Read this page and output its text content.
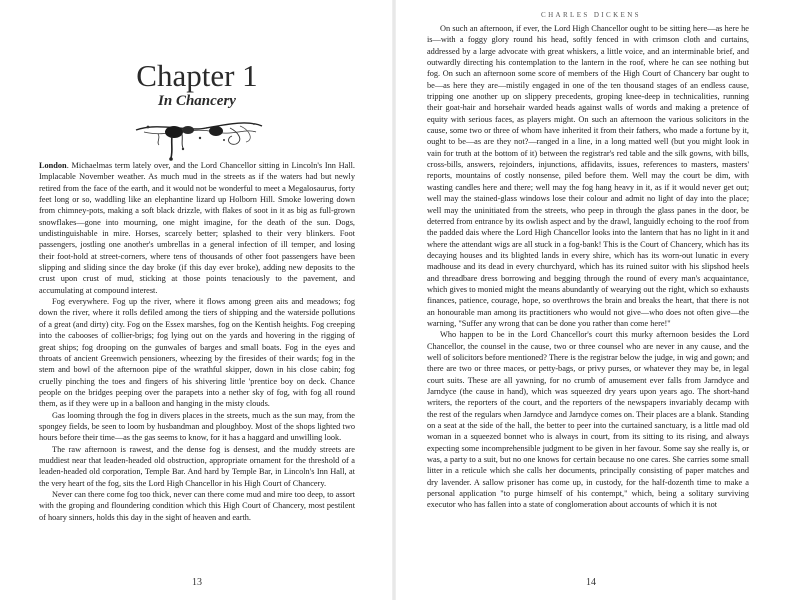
Chapter 1
In Chancery

London. Michaelmas term lately over, and the Lord Chancellor sitting in Lincoln's Inn Hall. Implacable November weather. As much mud in the streets as if the waters had but newly retired from the face of the earth, and it would not be wonderful to meet a Megalosaurus, forty feet long or so, waddling like an elephantine lizard up Holborn Hill. Smoke lowering down from chimney-pots, making a soft black drizzle, with flakes of soot in it as big as full-grown snowflakes—gone into mourning, one might imagine, for the death of the sun. Dogs, undistinguishable in mire. Horses, scarcely better; splashed to their very blinkers. Foot passengers, jostling one another's umbrellas in a general infection of ill temper, and losing their foot-hold at street-corners, where tens of thousands of other foot passengers have been slipping and sliding since the day broke (if this day ever broke), adding new deposits to the crust upon crust of mud, sticking at those points tenaciously to the pavement, and accumulating at compound interest.

Fog everywhere. Fog up the river, where it flows among green aits and meadows; fog down the river, where it rolls defiled among the tiers of shipping and the waterside pollutions of a great (and dirty) city. Fog on the Essex marshes, fog on the Kentish heights. Fog creeping into the cabooses of collier-brigs; fog lying out on the yards and hovering in the rigging of great ships; fog drooping on the gunwales of barges and small boats. Fog in the eyes and throats of ancient Greenwich pensioners, wheezing by the firesides of their wards; fog in the stem and bowl of the afternoon pipe of the wrathful skipper, down in his close cabin; fog cruelly pinching the toes and fingers of his shivering little 'prentice boy on deck. Chance people on the bridges peeping over the parapets into a nether sky of fog, with fog all round them, as if they were up in a balloon and hanging in the misty clouds.

Gas looming through the fog in divers places in the streets, much as the sun may, from the spongey fields, be seen to loom by husbandman and ploughboy. Most of the shops lighted two hours before their time—as the gas seems to know, for it has a haggard and unwilling look.

The raw afternoon is rawest, and the dense fog is densest, and the muddy streets are muddiest near that leaden-headed old obstruction, appropriate ornament for the threshold of a leaden-headed old corporation, Temple Bar. And hard by Temple Bar, in Lincoln's Inn Hall, at the very heart of the fog, sits the Lord High Chancellor in his High Court of Chancery.

Never can there come fog too thick, never can there come mud and mire too deep, to assort with the groping and floundering condition which this High Court of Chancery, most pestilent of hoary sinners, holds this day in the sight of heaven and earth.

13
CHARLES DICKENS

On such an afternoon, if ever, the Lord High Chancellor ought to be sitting here—as here he is—with a foggy glory round his head, softly fenced in with crimson cloth and curtains, addressed by a large advocate with great whiskers, a little voice, and an interminable brief, and outwardly directing his contemplation to the lantern in the roof, where he can see nothing but fog. On such an afternoon some score of members of the High Court of Chancery bar ought to be—as here they are—mistily engaged in one of the ten thousand stages of an endless cause, tripping one another up on slippery precedents, groping knee-deep in technicalities, running their goat-hair and horsehair warded heads against walls of words and making a pretence of equity with serious faces, as players might. On such an afternoon the various solicitors in the cause, some two or three of whom have inherited it from their fathers, who made a fortune by it, ought to be—as are they not?—ranged in a line, in a long matted well (but you might look in vain for truth at the bottom of it) between the registrar's red table and the silk gowns, with bills, cross-bills, answers, rejoinders, injunctions, affidavits, issues, references to masters, masters' reports, mountains of costly nonsense, piled before them. Well may the court be dim, with wasting candles here and there; well may the fog hang heavy in it, as if it would never get out; well may the stained-glass windows lose their colour and admit no light of day into the place; well may the uninitiated from the streets, who peep in through the glass panes in the door, be deterred from entrance by its owlish aspect and by the drawl, languidly echoing to the roof from the padded dais where the Lord High Chancellor looks into the lantern that has no light in it and where the attendant wigs are all stuck in a fog-bank! This is the Court of Chancery, which has its decaying houses and its blighted lands in every shire, which has its worn-out lunatic in every madhouse and its dead in every churchyard, which has its ruined suitor with his slipshod heels and threadbare dress borrowing and begging through the round of every man's acquaintance, which gives to monied might the means abundantly of wearying out the right, which so exhausts finances, patience, courage, hope, so overthrows the brain and breaks the heart, that there is not an honourable man among its practitioners who would not give—who does not often give—the warning, "Suffer any wrong that can be done you rather than come here!"

Who happen to be in the Lord Chancellor's court this murky afternoon besides the Lord Chancellor, the counsel in the cause, two or three counsel who are never in any cause, and the well of solicitors before mentioned? There is the registrar below the judge, in wig and gown; and there are two or three maces, or petty-bags, or privy purses, or whatever they may be, in legal court suits. These are all yawning, for no crumb of amusement ever falls from Jarndyce and Jarndyce (the cause in hand), which was squeezed dry years upon years ago. The short-hand writers, the reporters of the court, and the reporters of the newspapers invariably decamp with the rest of the regulars when Jarndyce and Jarndyce comes on. Their places are a blank. Standing on a seat at the side of the hall, the better to peer into the curtained sanctuary, is a little mad old woman in a squeezed bonnet who is always in court, from its sitting to its rising, and always expecting some incomprehensible judgment to be given in her favour. Some say she really is, or was, a party to a suit, but no one knows for certain because no one cares. She carries some small litter in a reticule which she calls her documents, principally consisting of paper matches and dry lavender. A sallow prisoner has come up, in custody, for the half-dozenth time to make a personal application "to purge himself of his contempt," which, being a solitary surviving executor who has fallen into a state of conglomeration about accounts of which it is not

14
